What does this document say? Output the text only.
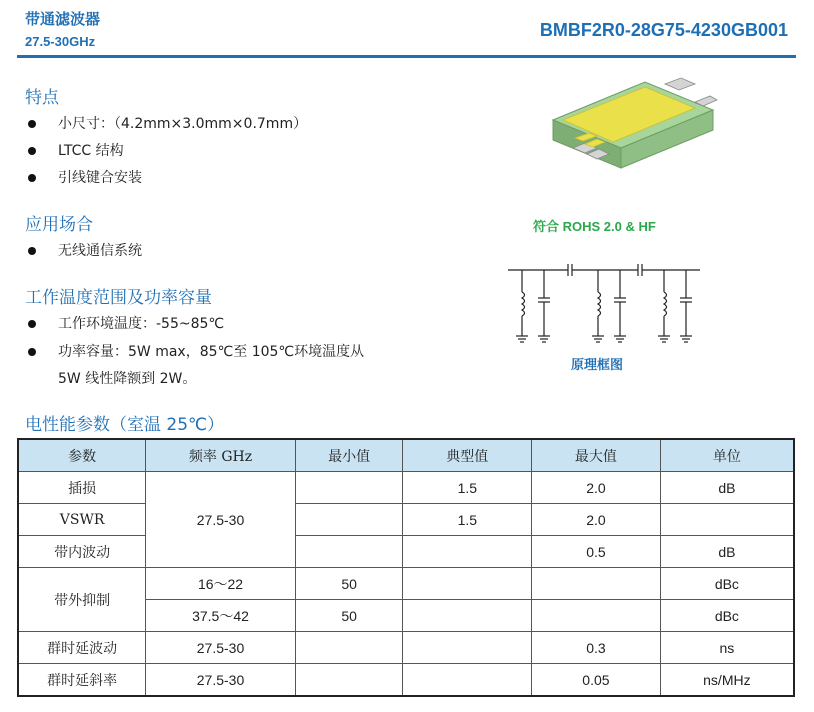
带通滤波器
27.5-30GHz
BMBF2R0-28G75-4230GB001
特点
小尺寸：（4.2mm×3.0mm×0.7mm）
LTCC 结构
引线键合安装
应用场合
无线通信系统
工作温度范围及功率容量
工作环境温度：-55~85℃
功率容量：5W max，85℃至 105℃环境温度从
5W 线性降额到 2W。
符合 ROHS 2.0 & HF
原理框图
电性能参数（室温 25℃）
参数	频率 GHz	最小值	典型值	最大值	单位
插损	27.5-30		1.5	2.0	dB
VSWR			1.5	2.0	
带内波动				0.5	dB
带外抑制	16～22	50			dBc
	37.5～42	50			dBc
群时延波动	27.5-30			0.3	ns
群时延斜率	27.5-30			0.05	ns/MHz
